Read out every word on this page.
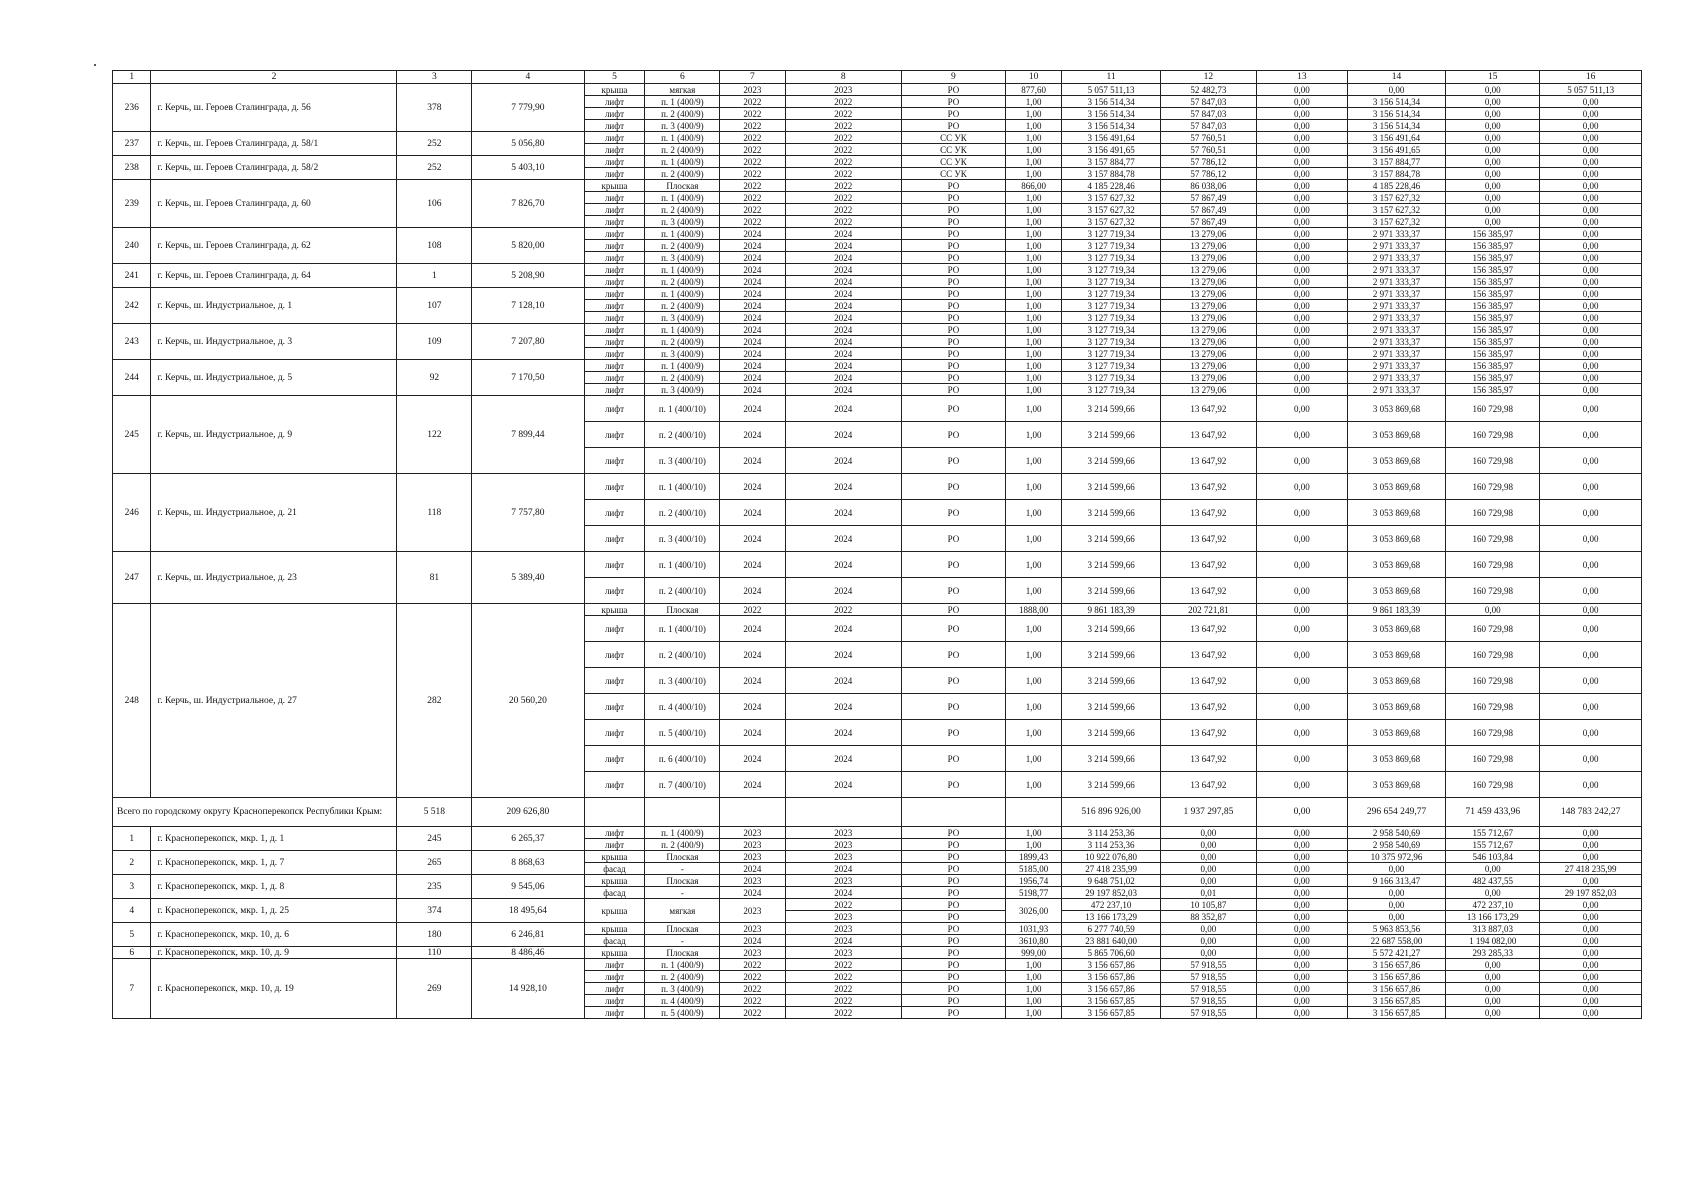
1	2	3	4	5	6	7	8	9	10	11	12	13	14	15	16
236	г. Керчь, ш. Героев Сталинграда, д. 56	378	7 779,90	крыша	мягкая	2023	2023	РО	877,60	5 057 511,13	52 482,73	0,00	0,00	0,00	5 057 511,13
				лифт	п. 1 (400/9)	2022	2022	РО	1,00	3 156 514,34	57 847,03	0,00	3 156 514,34	0,00	0,00
				лифт	п. 2 (400/9)	2022	2022	РО	1,00	3 156 514,34	57 847,03	0,00	3 156 514,34	0,00	0,00
				лифт	п. 3 (400/9)	2022	2022	РО	1,00	3 156 514,34	57 847,03	0,00	3 156 514,34	0,00	0,00
237	г. Керчь, ш. Героев Сталинграда, д. 58/1	252	5 056,80	лифт	п. 1 (400/9)	2022	2022	СС УК	1,00	3 156 491,64	57 760,51	0,00	3 156 491,64	0,00	0,00
				лифт	п. 2 (400/9)	2022	2022	СС УК	1,00	3 156 491,65	57 760,51	0,00	3 156 491,65	0,00	0,00
238	г. Керчь, ш. Героев Сталинграда, д. 58/2	252	5 403,10	лифт	п. 1 (400/9)	2022	2022	СС УК	1,00	3 157 884,77	57 786,12	0,00	3 157 884,77	0,00	0,00
				лифт	п. 2 (400/9)	2022	2022	СС УК	1,00	3 157 884,78	57 786,12	0,00	3 157 884,78	0,00	0,00
239	г. Керчь, ш. Героев Сталинграда, д. 60	106	7 826,70	крыша	Плоская	2022	2022	РО	866,00	4 185 228,46	86 038,06	0,00	4 185 228,46	0,00	0,00
				лифт	п. 1 (400/9)	2022	2022	РО	1,00	3 157 627,32	57 867,49	0,00	3 157 627,32	0,00	0,00
				лифт	п. 2 (400/9)	2022	2022	РО	1,00	3 157 627,32	57 867,49	0,00	3 157 627,32	0,00	0,00
				лифт	п. 3 (400/9)	2022	2022	РО	1,00	3 157 627,32	57 867,49	0,00	3 157 627,32	0,00	0,00
240	г. Керчь, ш. Героев Сталинграда, д. 62	108	5 820,00	лифт	п. 1 (400/9)	2024	2024	РО	1,00	3 127 719,34	13 279,06	0,00	2 971 333,37	156 385,97	0,00
				лифт	п. 2 (400/9)	2024	2024	РО	1,00	3 127 719,34	13 279,06	0,00	2 971 333,37	156 385,97	0,00
				лифт	п. 3 (400/9)	2024	2024	РО	1,00	3 127 719,34	13 279,06	0,00	2 971 333,37	156 385,97	0,00
241	г. Керчь, ш. Героев Сталинграда, д. 64	1	5 208,90	лифт	п. 1 (400/9)	2024	2024	РО	1,00	3 127 719,34	13 279,06	0,00	2 971 333,37	156 385,97	0,00
				лифт	п. 2 (400/9)	2024	2024	РО	1,00	3 127 719,34	13 279,06	0,00	2 971 333,37	156 385,97	0,00
242	г. Керчь, ш. Индустриальное, д. 1	107	7 128,10	лифт	п. 1 (400/9)	2024	2024	РО	1,00	3 127 719,34	13 279,06	0,00	2 971 333,37	156 385,97	0,00
				лифт	п. 2 (400/9)	2024	2024	РО	1,00	3 127 719,34	13 279,06	0,00	2 971 333,37	156 385,97	0,00
				лифт	п. 3 (400/9)	2024	2024	РО	1,00	3 127 719,34	13 279,06	0,00	2 971 333,37	156 385,97	0,00
243	г. Керчь, ш. Индустриальное, д. 3	109	7 207,80	лифт	п. 1 (400/9)	2024	2024	РО	1,00	3 127 719,34	13 279,06	0,00	2 971 333,37	156 385,97	0,00
				лифт	п. 2 (400/9)	2024	2024	РО	1,00	3 127 719,34	13 279,06	0,00	2 971 333,37	156 385,97	0,00
				лифт	п. 3 (400/9)	2024	2024	РО	1,00	3 127 719,34	13 279,06	0,00	2 971 333,37	156 385,97	0,00
244	г. Керчь, ш. Индустриальное, д. 5	92	7 170,50	лифт	п. 1 (400/9)	2024	2024	РО	1,00	3 127 719,34	13 279,06	0,00	2 971 333,37	156 385,97	0,00
				лифт	п. 2 (400/9)	2024	2024	РО	1,00	3 127 719,34	13 279,06	0,00	2 971 333,37	156 385,97	0,00
				лифт	п. 3 (400/9)	2024	2024	РО	1,00	3 127 719,34	13 279,06	0,00	2 971 333,37	156 385,97	0,00
245	г. Керчь, ш. Индустриальное, д. 9	122	7 899,44	лифт	п. 1 (400/10)	2024	2024	РО	1,00	3 214 599,66	13 647,92	0,00	3 053 869,68	160 729,98	0,00
				лифт	п. 2 (400/10)	2024	2024	РО	1,00	3 214 599,66	13 647,92	0,00	3 053 869,68	160 729,98	0,00
				лифт	п. 3 (400/10)	2024	2024	РО	1,00	3 214 599,66	13 647,92	0,00	3 053 869,68	160 729,98	0,00
246	г. Керчь, ш. Индустриальное, д. 21	118	7 757,80	лифт	п. 1 (400/10)	2024	2024	РО	1,00	3 214 599,66	13 647,92	0,00	3 053 869,68	160 729,98	0,00
				лифт	п. 2 (400/10)	2024	2024	РО	1,00	3 214 599,66	13 647,92	0,00	3 053 869,68	160 729,98	0,00
				лифт	п. 3 (400/10)	2024	2024	РО	1,00	3 214 599,66	13 647,92	0,00	3 053 869,68	160 729,98	0,00
247	г. Керчь, ш. Индустриальное, д. 23	81	5 389,40	лифт	п. 1 (400/10)	2024	2024	РО	1,00	3 214 599,66	13 647,92	0,00	3 053 869,68	160 729,98	0,00
				лифт	п. 2 (400/10)	2024	2024	РО	1,00	3 214 599,66	13 647,92	0,00	3 053 869,68	160 729,98	0,00
248	г. Керчь, ш. Индустриальное, д. 27	282	20 560,20	крыша	Плоская	2022	2022	РО	1888,00	9 861 183,39	202 721,81	0,00	9 861 183,39	0,00	0,00
				лифт	п. 1 (400/10)	2024	2024	РО	1,00	3 214 599,66	13 647,92	0,00	3 053 869,68	160 729,98	0,00
				лифт	п. 2 (400/10)	2024	2024	РО	1,00	3 214 599,66	13 647,92	0,00	3 053 869,68	160 729,98	0,00
				лифт	п. 3 (400/10)	2024	2024	РО	1,00	3 214 599,66	13 647,92	0,00	3 053 869,68	160 729,98	0,00
				лифт	п. 4 (400/10)	2024	2024	РО	1,00	3 214 599,66	13 647,92	0,00	3 053 869,68	160 729,98	0,00
				лифт	п. 5 (400/10)	2024	2024	РО	1,00	3 214 599,66	13 647,92	0,00	3 053 869,68	160 729,98	0,00
				лифт	п. 6 (400/10)	2024	2024	РО	1,00	3 214 599,66	13 647,92	0,00	3 053 869,68	160 729,98	0,00
				лифт	п. 7 (400/10)	2024	2024	РО	1,00	3 214 599,66	13 647,92	0,00	3 053 869,68	160 729,98	0,00
Всего по городскому округу Красноперекопск Республики Крым:		5 518	209 626,80							516 896 926,00	1 937 297,85	0,00	296 654 249,77	71 459 433,96	148 783 242,27
1	г. Красноперекопск, мкр. 1, д. 1	245	6 265,37	лифт	п. 1 (400/9)	2023	2023	РО	1,00	3 114 253,36	0,00	0,00	2 958 540,69	155 712,67	0,00
				лифт	п. 2 (400/9)	2023	2023	РО	1,00	3 114 253,36	0,00	0,00	2 958 540,69	155 712,67	0,00
2	г. Красноперекопск, мкр. 1, д. 7	265	8 868,63	крыша	Плоская	2023	2023	РО	1899,43	10 922 076,80	0,00	0,00	10 375 972,96	546 103,84	0,00
				фасад	-	2024	2024	РО	5185,00	27 418 235,99	0,00	0,00	0,00	0,00	27 418 235,99
3	г. Красноперекопск, мкр. 1, д. 8	235	9 545,06	крыша	Плоская	2023	2023	РО	1956,74	9 648 751,02	0,00	0,00	9 166 313,47	482 437,55	0,00
				фасад	-	2024	2024	РО	5198,77	29 197 852,03	0,01	0,00	0,00	0,00	29 197 852,03
4	г. Красноперекопск, мкр. 1, д. 25	374	18 495,64	крыша	мягкая	2023	2022	РО	3026,00	472 237,10	10 105,87	0,00	0,00	472 237,10	0,00
							2023	РО		13 166 173,29	88 352,87	0,00	0,00	13 166 173,29	0,00
5	г. Красноперекопск, мкр. 10, д. 6	180	6 246,81	крыша	Плоская	2023	2023	РО	1031,93	6 277 740,59	0,00	0,00	5 963 853,56	313 887,03	0,00
				фасад	-	2024	2024	РО	3610,80	23 881 640,00	0,00	0,00	22 687 558,00	1 194 082,00	0,00
6	г. Красноперекопск, мкр. 10, д. 9	110	8 486,46	крыша	Плоская	2023	2023	РО	999,00	5 865 706,60	0,00	0,00	5 572 421,27	293 285,33	0,00
7	г. Красноперекопск, мкр. 10, д. 19	269	14 928,10	лифт	п. 1 (400/9)	2022	2022	РО	1,00	3 156 657,86	57 918,55	0,00	3 156 657,86	0,00	0,00
				лифт	п. 2 (400/9)	2022	2022	РО	1,00	3 156 657,86	57 918,55	0,00	3 156 657,86	0,00	0,00
				лифт	п. 3 (400/9)	2022	2022	РО	1,00	3 156 657,86	57 918,55	0,00	3 156 657,86	0,00	0,00
				лифт	п. 4 (400/9)	2022	2022	РО	1,00	3 156 657,85	57 918,55	0,00	3 156 657,85	0,00	0,00
				лифт	п. 5 (400/9)	2022	2022	РО	1,00	3 156 657,85	57 918,55	0,00	3 156 657,85	0,00	0,00
